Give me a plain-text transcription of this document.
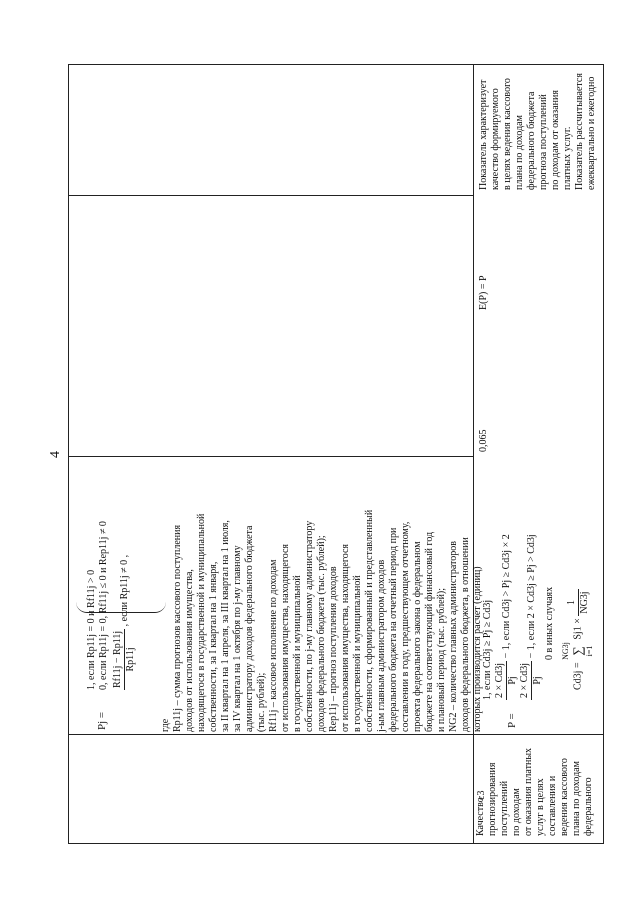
4
с3
Качество прогнозирования поступлений по доходам от оказания платных услуг в целях составления и ведения кассового плана по доходам федерального
Pj =
1, если Rp11j = 0 и Rf11j > 0 0, если Rp11j = 0, Rf11j ≤ 0 и Rep11j ≠ 0 Rf11j − Rp11j Rp11j
, если Rp11j ≠ 0 ,
где Rp11j – сумма прогнозов кассового поступления доходов от использования имущества, находящегося в государственной и муниципальной собственности, за I квартал на 1 января, за II квартал на 1 апреля, за III квартал на 1 июля, за IV квартал на 1 октября по j-му главному администратору доходов федерального бюджета (тыс. рублей); Rf11j – кассовое исполнение по доходам от использования имущества, находящегося в государственной и муниципальной собственности, по j-му главному администратору доходов федерального бюджета (тыс. рублей); Rep11j – прогноз поступления доходов от использования имущества, находящегося в государственной и муниципальной собственности, сформированный и представленный j-ым главным администратором доходов федерального бюджета на отчетный период при составлении в году, предшествующем отчетному, проекта федерального закона о федеральном бюджете на соответствующий финансовый год и плановый период (тыс. рублей); NG2 – количество главных администраторов доходов федерального бюджета, в отношении которых производится расчет (единиц) P =
1, если Cd3j ≥ Pj ≥ Cd3j 2 × Cd3j Pj
− 1, если Cd3j > Pj ≥ Cd3j × 2
2 × Cd3j Pj
− 1, если 2 × Cd3j ≥ Pj > Cd3j 0 в иных случаях
Cd3j =
NG3j ∑ i=1
Sj1 ×
1 NG3j
0,065
E(P) = P
Показатель характеризует качество формируемого в целях ведения кассового плана по доходам федерального бюджета прогноза поступлений по доходам от оказания платных услуг. Показатель рассчитывается ежеквартально и ежегодно
